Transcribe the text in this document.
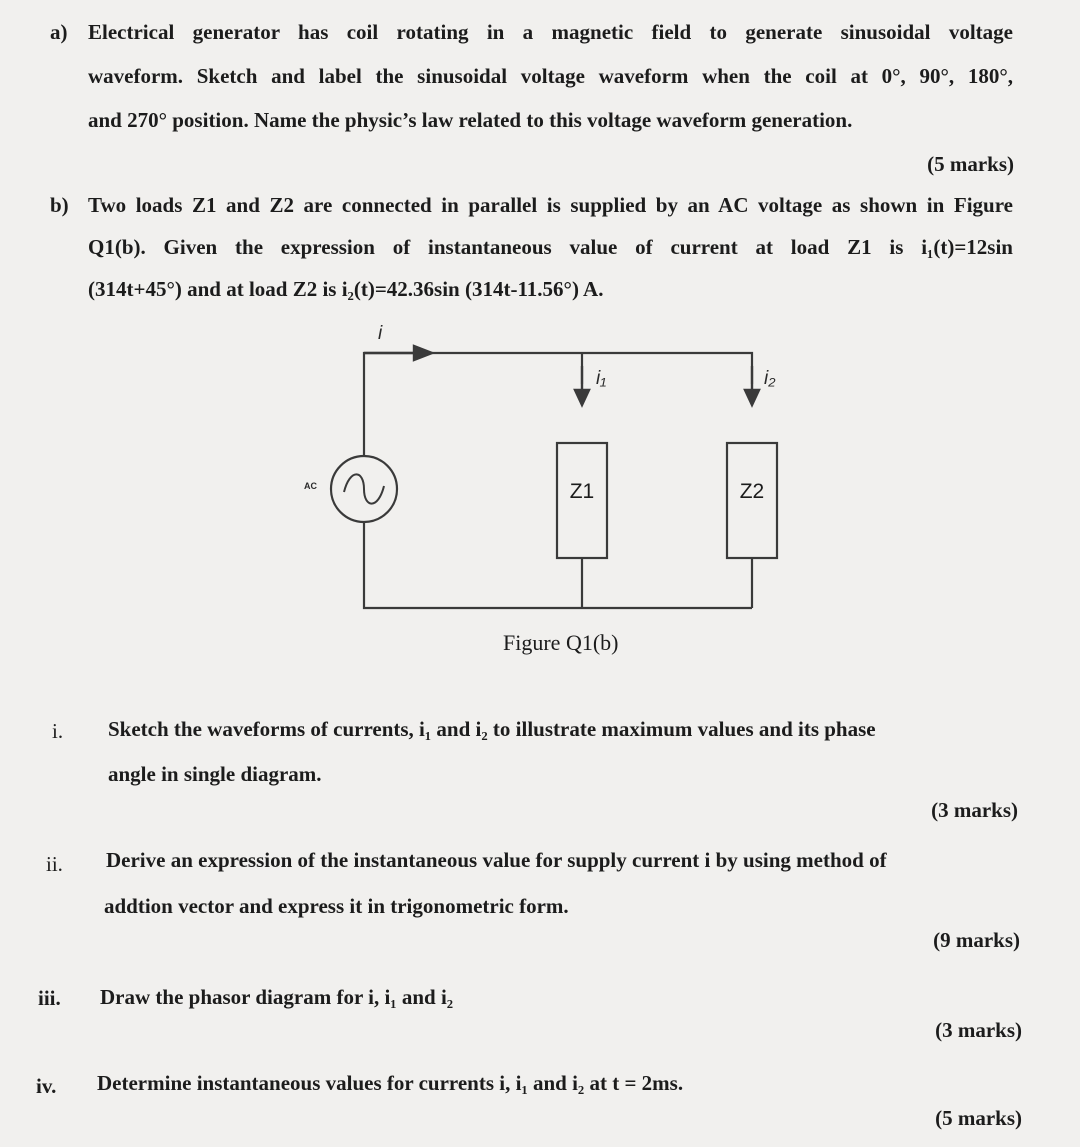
a) Electrical generator has coil rotating in a magnetic field to generate sinusoidal voltage
waveform. Sketch and label the sinusoidal voltage waveform when the coil at 0°, 90°, 180°,
and 270° position. Name the physic’s law related to this voltage waveform generation.
(5 marks)
b) Two loads Z1 and Z2 are connected in parallel is supplied by an AC voltage as shown in Figure
Q1(b). Given the expression of instantaneous value of current at load Z1 is i₁(t)=12sin
(314t+45°) and at load Z2 is i₂(t)=42.36sin (314t-11.56°) A.
i
i₁	i₂
Z1	Z2
AC
Figure Q1(b)
i. Sketch the waveforms of currents, i₁ and i₂ to illustrate maximum values and its phase
angle in single diagram.
(3 marks)
ii. Derive an expression of the instantaneous value for supply current i by using method of
addtion vector and express it in trigonometric form.
(9 marks)
iii. Draw the phasor diagram for i, i₁ and i₂
(3 marks)
iv. Determine instantaneous values for currents i, i₁ and i₂ at t = 2ms.
(5 marks)
